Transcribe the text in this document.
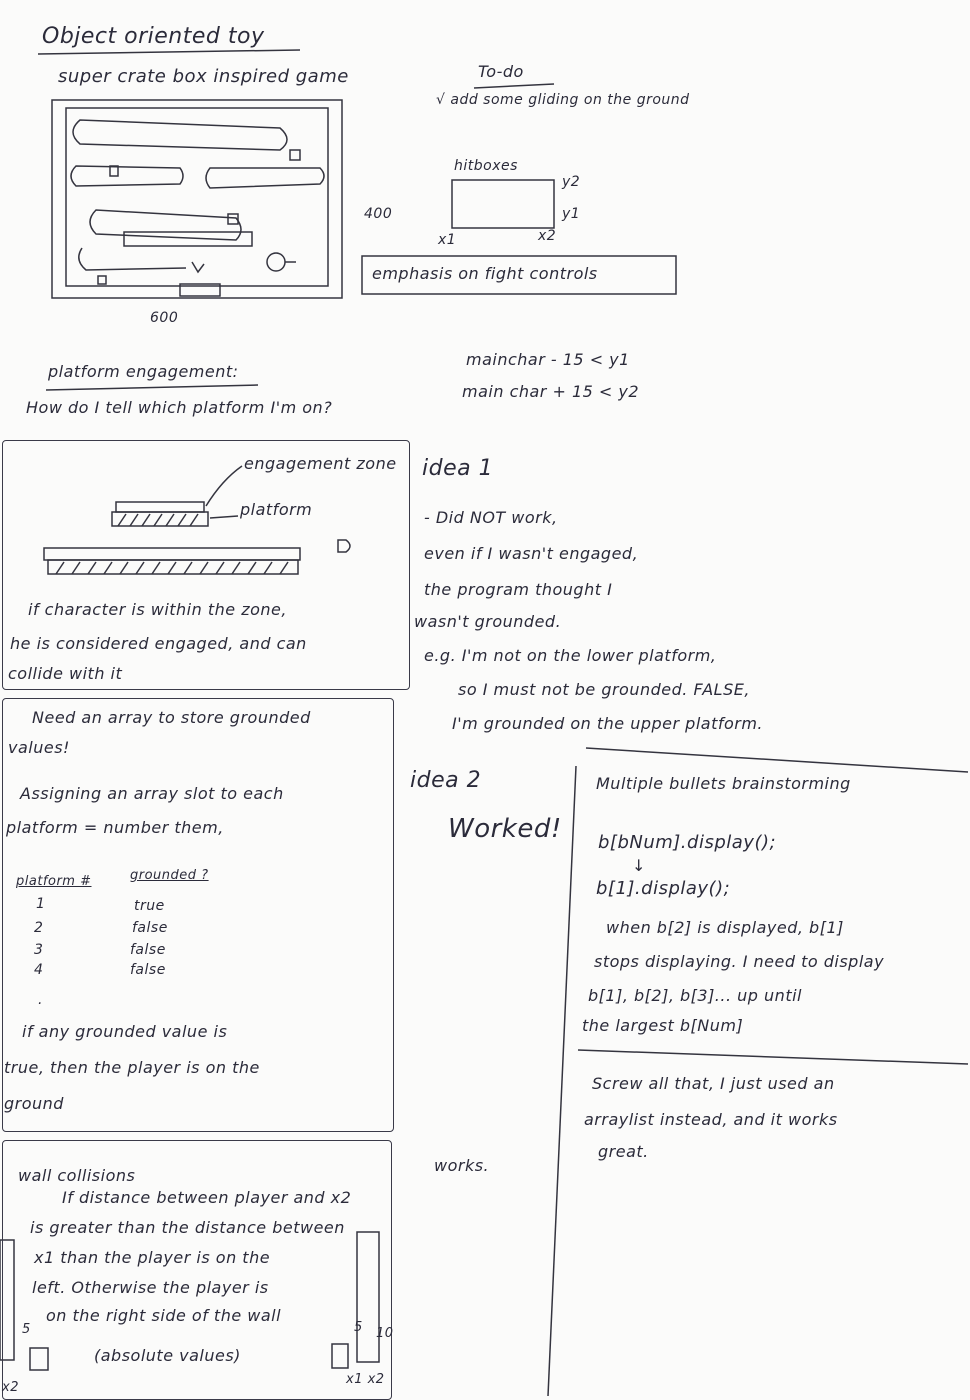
Object oriented toy
super crate box inspired game
400
600
To-do
√ add some gliding on the ground
hitboxes
x1	x2
y1
y2
emphasis on fight controls
platform engagement:
How do I tell which platform I'm on?
mainchar - 15 < y1
main char + 15 < y2
engagement zone
platform
if character is within the zone,
he is considered engaged, and can
collide with it
idea 1
- Did NOT work,
even if I wasn't engaged,
the program thought I
wasn't grounded.
e.g. I'm not on the lower platform,
so I must not be grounded. FALSE,
I'm grounded on the upper platform.
Need an array to store grounded
values!
Assigning an array slot to each
platform = number them,
platform #	grounded ?
1	true
2	false
3	false
4	false
.
if any grounded value is
true, then the player is on the
ground
idea 2
Worked!
Multiple bullets brainstorming
b[bNum].display();
↓
b[1].display();
when b[2] is displayed, b[1]
stops displaying. I need to display
b[1], b[2], b[3]... up until
the largest b[Num]
Screw all that, I just used an
arraylist instead, and it works
great.
wall collisions
If distance between player and x2
is greater than the distance between
x1 than the player is on the
left. Otherwise the player is
on the right side of the wall
(absolute values)
works.
x2
5
x1 x2
5 10
